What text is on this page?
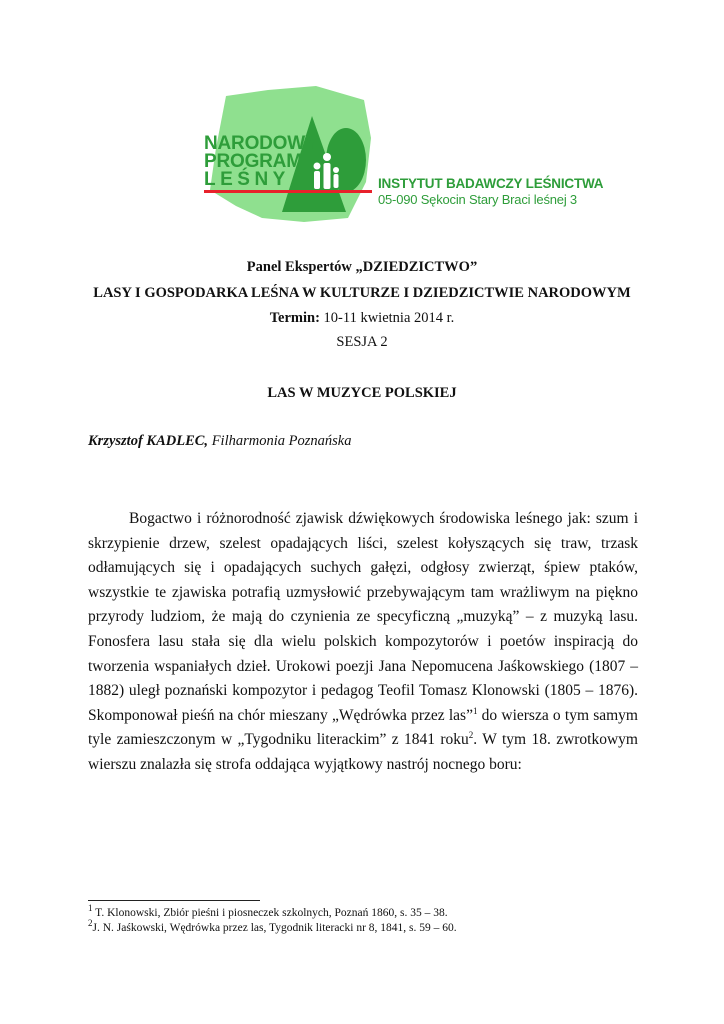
NARODOWY
PROGRAM
LEŚNY	INSTYTUT BADAWCZY LEŚNICTWA
05-090 Sękocin Stary Braci leśnej 3
Panel Ekspertów „DZIEDZICTWO”
LASY I GOSPODARKA LEŚNA W KULTURZE I DZIEDZICTWIE NARODOWYM
Termin: 10-11 kwietnia 2014 r.
SESJA 2
LAS W MUZYCE POLSKIEJ
Krzysztof KADLEC, Filharmonia Poznańska

Bogactwo i różnorodność zjawisk dźwiękowych środowiska leśnego jak: szum i skrzypienie drzew, szelest opadających liści, szelest kołyszących się traw, trzask odłamujących się i opadających suchych gałęzi, odgłosy zwierząt, śpiew ptaków, wszystkie te zjawiska potrafią uzmysłowić przebywającym tam wrażliwym na piękno przyrody ludziom, że mają do czynienia ze specyficzną „muzyką” – z muzyką lasu. Fonosfera lasu stała się dla wielu polskich kompozytorów i poetów inspiracją do tworzenia wspaniałych dzieł. Urokowi poezji Jana Nepomucena Jaśkowskiego (1807 – 1882) uległ poznański kompozytor i pedagog Teofil Tomasz Klonowski (1805 – 1876). Skomponował pieśń na chór mieszany „Wędrówka przez las”$^1$ do wiersza o tym samym tyle zamieszczonym w „Tygodniku literackim” z 1841 roku$^2$. W tym 18. zwrotkowym wierszu znalazła się strofa oddająca wyjątkowy nastrój nocnego boru:

$^1$ T. Klonowski, Zbiór pieśni i piosneczek szkolnych, Poznań 1860, s. 35 – 38.
$^2$J. N. Jaśkowski, Wędrówka przez las, Tygodnik literacki nr 8, 1841, s. 59 – 60.
